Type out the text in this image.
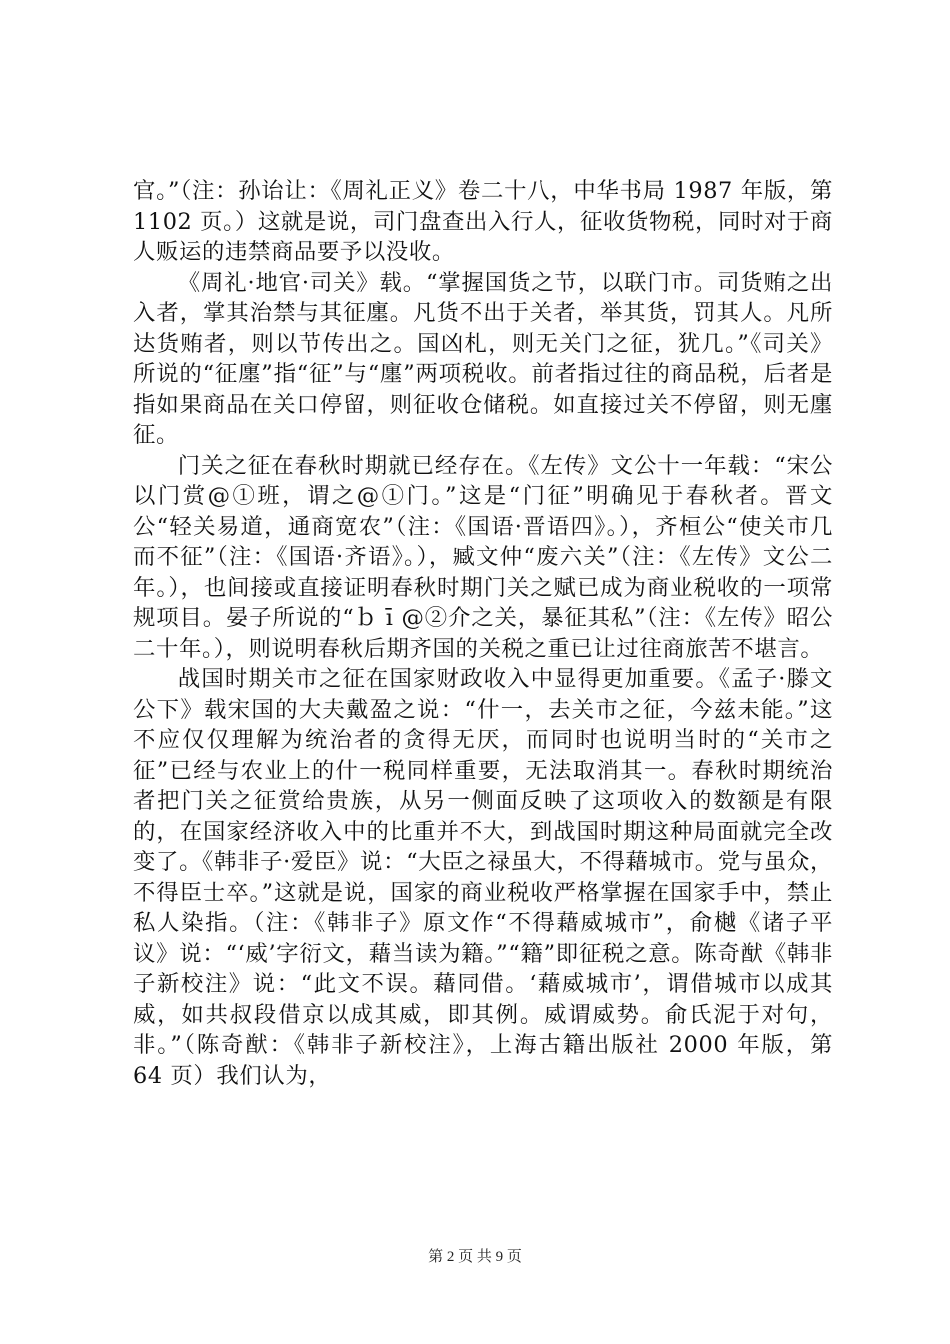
官。”（注：孙诒让：《周礼正义》卷二十八，中华书局 1987 年版，第 1102 页。）这就是说，司门盘查出入行人，征收货物税，同时对于商人贩运的违禁商品要予以没收。

《周礼·地官·司关》载。“掌握国货之节，以联门市。司货贿之出入者，掌其治禁与其征廛。凡货不出于关者，举其货，罚其人。凡所达货贿者，则以节传出之。国凶札，则无关门之征，犹几。”《司关》所说的“征廛”指“征”与“廛”两项税收。前者指过往的商品税，后者是指如果商品在关口停留，则征收仓储税。如直接过关不停留，则无廛征。

门关之征在春秋时期就已经存在。《左传》文公十一年载：“宋公以门赏@①班，谓之@①门。”这是“门征”明确见于春秋者。晋文公“轻关易道，通商宽农”（注：《国语·晋语四》。），齐桓公“使关市几而不征”（注：《国语·齐语》。），臧文仲“废六关”（注：《左传》文公二年。），也间接或直接证明春秋时期门关之赋已成为商业税收的一项常规项目。晏子所说的“ｂ ī @②介之关，暴征其私”（注：《左传》昭公二十年。），则说明春秋后期齐国的关税之重已让过往商旅苦不堪言。

战国时期关市之征在国家财政收入中显得更加重要。《孟子·滕文公下》载宋国的大夫戴盈之说：“什一，去关市之征，今兹未能。”这不应仅仅理解为统治者的贪得无厌，而同时也说明当时的“关市之征”已经与农业上的什一税同样重要，无法取消其一。春秋时期统治者把门关之征赏给贵族，从另一侧面反映了这项收入的数额是有限的，在国家经济收入中的比重并不大，到战国时期这种局面就完全改变了。《韩非子·爱臣》说：“大臣之禄虽大，不得藉城市。党与虽众，不得臣士卒。”这就是说，国家的商业税收严格掌握在国家手中，禁止私人染指。（注：《韩非子》原文作“不得藉威城市”，俞樾《诸子平议》说：“‘威’字衍文，藉当读为籍。”“籍”即征税之意。陈奇猷《韩非子新校注》说：“此文不误。藉同借。‘藉威城市’，谓借城市以成其威，如共叔段借京以成其威，即其例。威谓威势。俞氏泥于对句，非。”（陈奇猷：《韩非子新校注》，上海古籍出版社 2000 年版，第 64 页）我们认为，

第 2 页 共 9 页
